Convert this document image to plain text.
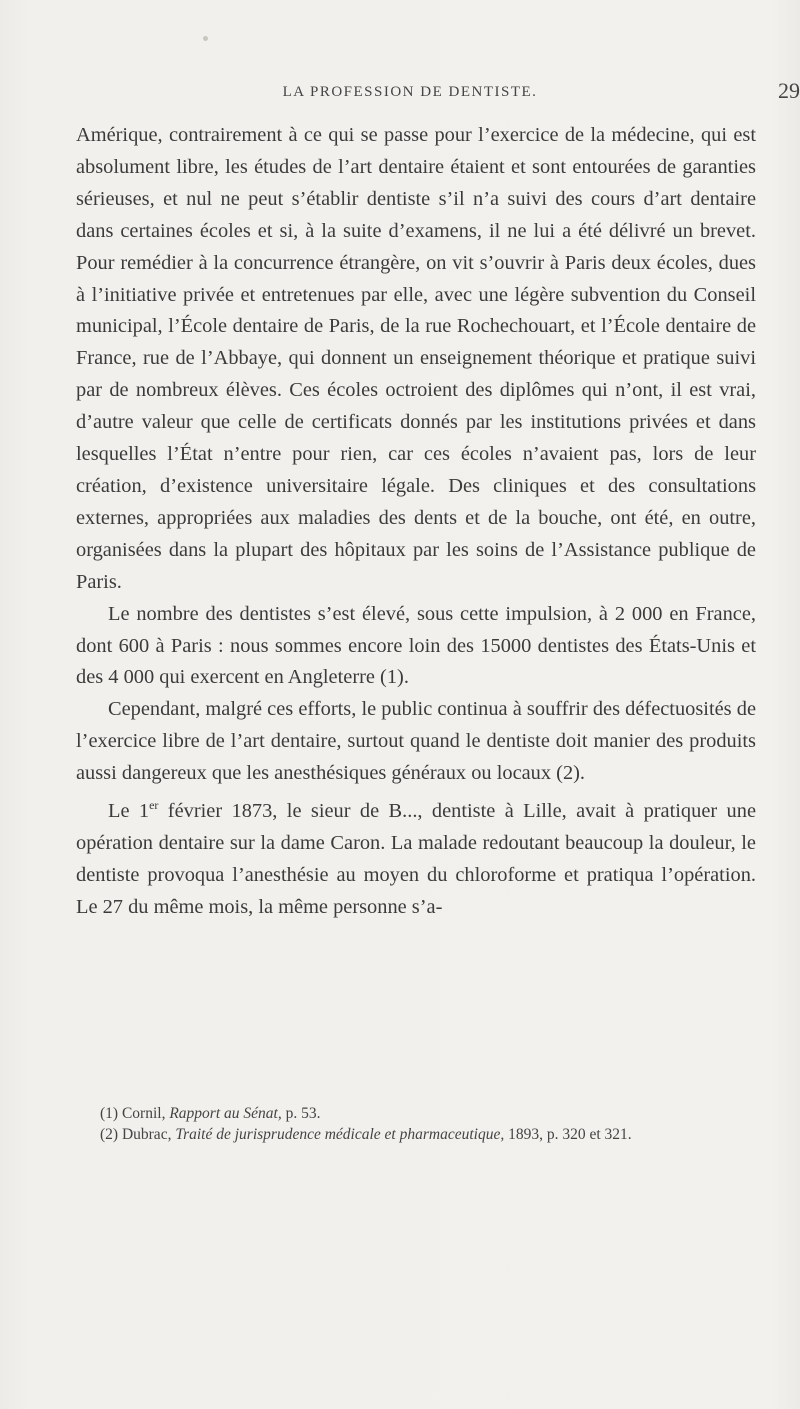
LA PROFESSION DE DENTISTE.	29

Amérique, contrairement à ce qui se passe pour l’exercice de la médecine, qui est absolument libre, les études de l’art dentaire étaient et sont entourées de garanties sérieuses, et nul ne peut s’établir dentiste s’il n’a suivi des cours d’art dentaire dans certaines écoles et si, à la suite d’examens, il ne lui a été délivré un brevet. Pour remédier à la concurrence étrangère, on vit s’ouvrir à Paris deux écoles, dues à l’initiative privée et entretenues par elle, avec une légère subvention du Conseil municipal, l’École dentaire de Paris, de la rue Rochechouart, et l’École dentaire de France, rue de l’Abbaye, qui donnent un enseignement théorique et pratique suivi par de nombreux élèves. Ces écoles octroient des diplômes qui n’ont, il est vrai, d’autre valeur que celle de certificats donnés par les institutions privées et dans lesquelles l’État n’entre pour rien, car ces écoles n’avaient pas, lors de leur création, d’existence universitaire légale. Des cliniques et des consultations externes, appropriées aux maladies des dents et de la bouche, ont été, en outre, organisées dans la plupart des hôpitaux par les soins de l’Assistance publique de Paris.

Le nombre des dentistes s’est élevé, sous cette impulsion, à 2 000 en France, dont 600 à Paris : nous sommes encore loin des 15000 dentistes des États-Unis et des 4 000 qui exercent en Angleterre (1).

Cependant, malgré ces efforts, le public continua à souffrir des défectuosités de l’exercice libre de l’art dentaire, surtout quand le dentiste doit manier des produits aussi dangereux que les anesthésiques généraux ou locaux (2).

Le 1er février 1873, le sieur de B..., dentiste à Lille, avait à pratiquer une opération dentaire sur la dame Caron. La malade redoutant beaucoup la douleur, le dentiste provoqua l’anesthésie au moyen du chloroforme et pratiqua l’opération. Le 27 du même mois, la même personne s’a-

(1) Cornil, Rapport au Sénat, p. 53.

(2) Dubrac, Traité de jurisprudence médicale et pharmaceutique, 1893, p. 320 et 321.
